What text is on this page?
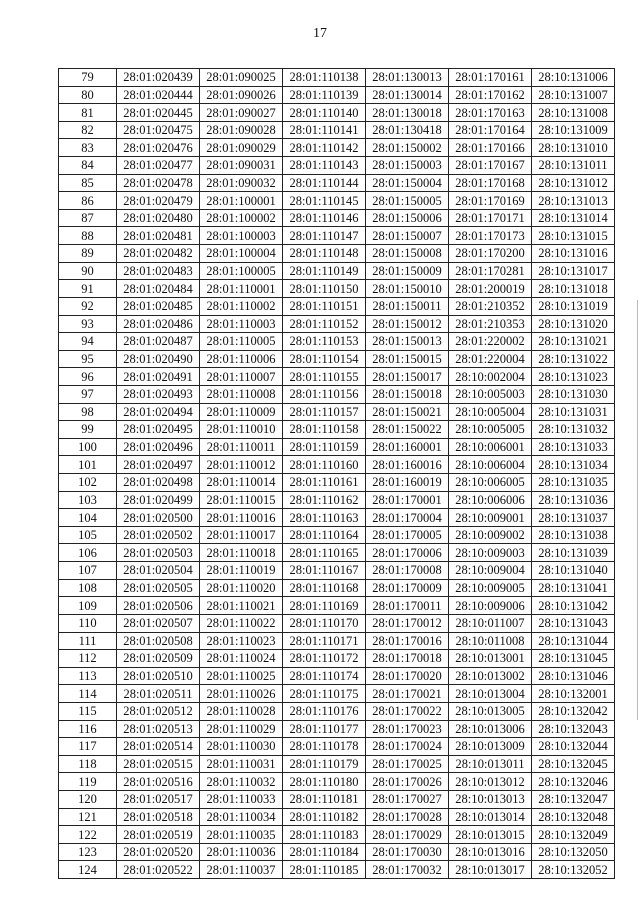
17
79	28:01:020439	28:01:090025	28:01:110138	28:01:130013	28:01:170161	28:10:131006
80	28:01:020444	28:01:090026	28:01:110139	28:01:130014	28:01:170162	28:10:131007
81	28:01:020445	28:01:090027	28:01:110140	28:01:130018	28:01:170163	28:10:131008
82	28:01:020475	28:01:090028	28:01:110141	28:01:130418	28:01:170164	28:10:131009
83	28:01:020476	28:01:090029	28:01:110142	28:01:150002	28:01:170166	28:10:131010
84	28:01:020477	28:01:090031	28:01:110143	28:01:150003	28:01:170167	28:10:131011
85	28:01:020478	28:01:090032	28:01:110144	28:01:150004	28:01:170168	28:10:131012
86	28:01:020479	28:01:100001	28:01:110145	28:01:150005	28:01:170169	28:10:131013
87	28:01:020480	28:01:100002	28:01:110146	28:01:150006	28:01:170171	28:10:131014
88	28:01:020481	28:01:100003	28:01:110147	28:01:150007	28:01:170173	28:10:131015
89	28:01:020482	28:01:100004	28:01:110148	28:01:150008	28:01:170200	28:10:131016
90	28:01:020483	28:01:100005	28:01:110149	28:01:150009	28:01:170281	28:10:131017
91	28:01:020484	28:01:110001	28:01:110150	28:01:150010	28:01:200019	28:10:131018
92	28:01:020485	28:01:110002	28:01:110151	28:01:150011	28:01:210352	28:10:131019
93	28:01:020486	28:01:110003	28:01:110152	28:01:150012	28:01:210353	28:10:131020
94	28:01:020487	28:01:110005	28:01:110153	28:01:150013	28:01:220002	28:10:131021
95	28:01:020490	28:01:110006	28:01:110154	28:01:150015	28:01:220004	28:10:131022
96	28:01:020491	28:01:110007	28:01:110155	28:01:150017	28:10:002004	28:10:131023
97	28:01:020493	28:01:110008	28:01:110156	28:01:150018	28:10:005003	28:10:131030
98	28:01:020494	28:01:110009	28:01:110157	28:01:150021	28:10:005004	28:10:131031
99	28:01:020495	28:01:110010	28:01:110158	28:01:150022	28:10:005005	28:10:131032
100	28:01:020496	28:01:110011	28:01:110159	28:01:160001	28:10:006001	28:10:131033
101	28:01:020497	28:01:110012	28:01:110160	28:01:160016	28:10:006004	28:10:131034
102	28:01:020498	28:01:110014	28:01:110161	28:01:160019	28:10:006005	28:10:131035
103	28:01:020499	28:01:110015	28:01:110162	28:01:170001	28:10:006006	28:10:131036
104	28:01:020500	28:01:110016	28:01:110163	28:01:170004	28:10:009001	28:10:131037
105	28:01:020502	28:01:110017	28:01:110164	28:01:170005	28:10:009002	28:10:131038
106	28:01:020503	28:01:110018	28:01:110165	28:01:170006	28:10:009003	28:10:131039
107	28:01:020504	28:01:110019	28:01:110167	28:01:170008	28:10:009004	28:10:131040
108	28:01:020505	28:01:110020	28:01:110168	28:01:170009	28:10:009005	28:10:131041
109	28:01:020506	28:01:110021	28:01:110169	28:01:170011	28:10:009006	28:10:131042
110	28:01:020507	28:01:110022	28:01:110170	28:01:170012	28:10:011007	28:10:131043
111	28:01:020508	28:01:110023	28:01:110171	28:01:170016	28:10:011008	28:10:131044
112	28:01:020509	28:01:110024	28:01:110172	28:01:170018	28:10:013001	28:10:131045
113	28:01:020510	28:01:110025	28:01:110174	28:01:170020	28:10:013002	28:10:131046
114	28:01:020511	28:01:110026	28:01:110175	28:01:170021	28:10:013004	28:10:132001
115	28:01:020512	28:01:110028	28:01:110176	28:01:170022	28:10:013005	28:10:132042
116	28:01:020513	28:01:110029	28:01:110177	28:01:170023	28:10:013006	28:10:132043
117	28:01:020514	28:01:110030	28:01:110178	28:01:170024	28:10:013009	28:10:132044
118	28:01:020515	28:01:110031	28:01:110179	28:01:170025	28:10:013011	28:10:132045
119	28:01:020516	28:01:110032	28:01:110180	28:01:170026	28:10:013012	28:10:132046
120	28:01:020517	28:01:110033	28:01:110181	28:01:170027	28:10:013013	28:10:132047
121	28:01:020518	28:01:110034	28:01:110182	28:01:170028	28:10:013014	28:10:132048
122	28:01:020519	28:01:110035	28:01:110183	28:01:170029	28:10:013015	28:10:132049
123	28:01:020520	28:01:110036	28:01:110184	28:01:170030	28:10:013016	28:10:132050
124	28:01:020522	28:01:110037	28:01:110185	28:01:170032	28:10:013017	28:10:132052
